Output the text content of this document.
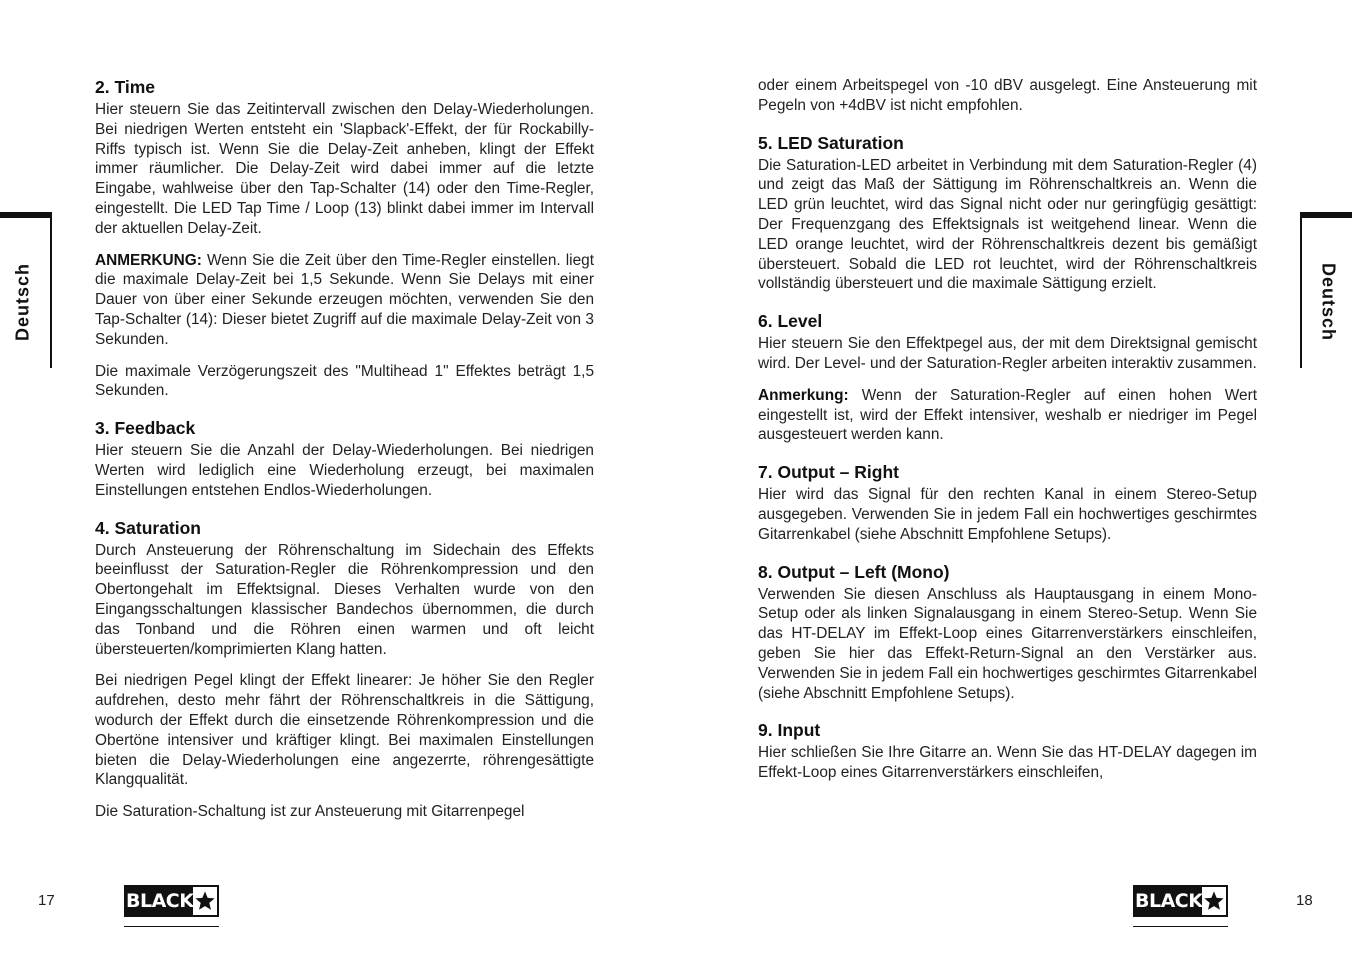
2. Time

Hier steuern Sie das Zeitintervall zwischen den Delay-Wiederholungen. Bei niedrigen Werten entsteht ein 'Slapback'-Effekt, der für Rockabilly-Riffs typisch ist. Wenn Sie die Delay-Zeit anheben, klingt der Effekt immer räumlicher. Die Delay-Zeit wird dabei immer auf die letzte Eingabe, wahlweise über den Tap-Schalter (14) oder den Time-Regler, eingestellt. Die LED Tap Time / Loop (13) blinkt dabei immer im Intervall der aktuellen Delay-Zeit.

ANMERKUNG: Wenn Sie die Zeit über den Time-Regler einstellen. liegt die maximale Delay-Zeit bei 1,5 Sekunde. Wenn Sie Delays mit einer Dauer von über einer Sekunde erzeugen möchten, verwenden Sie den Tap-Schalter (14): Dieser bietet Zugriff auf die maximale Delay-Zeit von 3 Sekunden.

Die maximale Verzögerungszeit des "Multihead 1" Effektes beträgt 1,5 Sekunden.

3. Feedback

Hier steuern Sie die Anzahl der Delay-Wiederholungen. Bei niedrigen Werten wird lediglich eine Wiederholung erzeugt, bei maximalen Einstellungen entstehen Endlos-Wiederholungen.

4. Saturation

Durch Ansteuerung der Röhrenschaltung im Sidechain des Effekts beeinflusst der Saturation-Regler die Röhrenkompression und den Obertongehalt im Effektsignal. Dieses Verhalten wurde von den Eingangsschaltungen klassischer Bandechos übernommen, die durch das Tonband und die Röhren einen warmen und oft leicht übersteuerten/komprimierten Klang hatten.

Bei niedrigen Pegel klingt der Effekt linearer: Je höher Sie den Regler aufdrehen, desto mehr fährt der Röhrenschaltkreis in die Sättigung, wodurch der Effekt durch die einsetzende Röhrenkompression und die Obertöne intensiver und kräftiger klingt. Bei maximalen Einstellungen bieten die Delay-Wiederholungen eine angezerrte, röhrengesättigte Klangqualität.

Die Saturation-Schaltung ist zur Ansteuerung mit Gitarrenpegel

oder einem Arbeitspegel von -10 dBV ausgelegt. Eine Ansteuerung mit Pegeln von +4dBV ist nicht empfohlen.

5. LED Saturation

Die Saturation-LED arbeitet in Verbindung mit dem Saturation-Regler (4) und zeigt das Maß der Sättigung im Röhrenschaltkreis an. Wenn die LED grün leuchtet, wird das Signal nicht oder nur geringfügig gesättigt: Der Frequenzgang des Effektsignals ist weitgehend linear. Wenn die LED orange leuchtet, wird der Röhrenschaltkreis dezent bis gemäßigt übersteuert. Sobald die LED rot leuchtet, wird der Röhrenschaltkreis vollständig übersteuert und die maximale Sättigung erzielt.

6. Level

Hier steuern Sie den Effektpegel aus, der mit dem Direktsignal gemischt wird. Der Level- und der Saturation-Regler arbeiten interaktiv zusammen.

Anmerkung: Wenn der Saturation-Regler auf einen hohen Wert eingestellt ist, wird der Effekt intensiver, weshalb er niedriger im Pegel ausgesteuert werden kann.

7. Output – Right

Hier wird das Signal für den rechten Kanal in einem Stereo-Setup ausgegeben. Verwenden Sie in jedem Fall ein hochwertiges geschirmtes Gitarrenkabel (siehe Abschnitt Empfohlene Setups).

8. Output – Left (Mono)

Verwenden Sie diesen Anschluss als Hauptausgang in einem Mono-Setup oder als linken Signalausgang in einem Stereo-Setup. Wenn Sie das HT-DELAY im Effekt-Loop eines Gitarrenverstärkers einschleifen, geben Sie hier das Effekt-Return-Signal an den Verstärker aus. Verwenden Sie in jedem Fall ein hochwertiges geschirmtes Gitarrenkabel (siehe Abschnitt Empfohlene Setups).

9. Input

Hier schließen Sie Ihre Gitarre an. Wenn Sie das HT-DELAY dagegen im Effekt-Loop eines Gitarrenverstärkers einschleifen,

Deutsch	Deutsch
17	BLACK	BLACK	18
